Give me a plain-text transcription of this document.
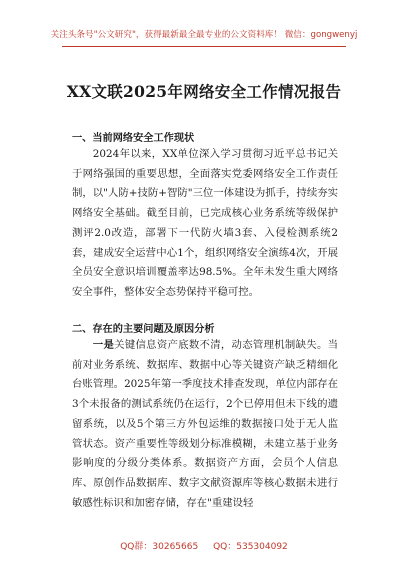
关注头条号"公文研究"，获得最新最全最专业的公文资料库！ 微信：gongwenyj
XX文联2025年网络安全工作情况报告
一、当前网络安全工作现状

2024年以来，XX单位深入学习贯彻习近平总书记关于网络强国的重要思想，全面落实党委网络安全工作责任制，以"人防+技防+智防"三位一体建设为抓手，持续夯实网络安全基础。截至目前，已完成核心业务系统等级保护测评2.0改造，部署下一代防火墙3套、入侵检测系统2套，建成安全运营中心1个，组织网络安全演练4次，开展全员安全意识培训覆盖率达98.5%。全年未发生重大网络安全事件，整体安全态势保持平稳可控。

二、存在的主要问题及原因分析

一是关键信息资产底数不清，动态管理机制缺失。当前对业务系统、数据库、数据中心等关键资产缺乏精细化台账管理。2025年第一季度技术排查发现，单位内部存在3个未报备的测试系统仍在运行，2个已停用但未下线的遗留系统，以及5个第三方外包运维的数据接口处于无人监管状态。资产重要性等级划分标准模糊，未建立基于业务影响度的分级分类体系。数据资产方面，会员个人信息库、原创作品数据库、数字文献资源库等核心数据未进行敏感性标识和加密存储，存在"重建设轻

QQ群：30265665 QQ：535304092
